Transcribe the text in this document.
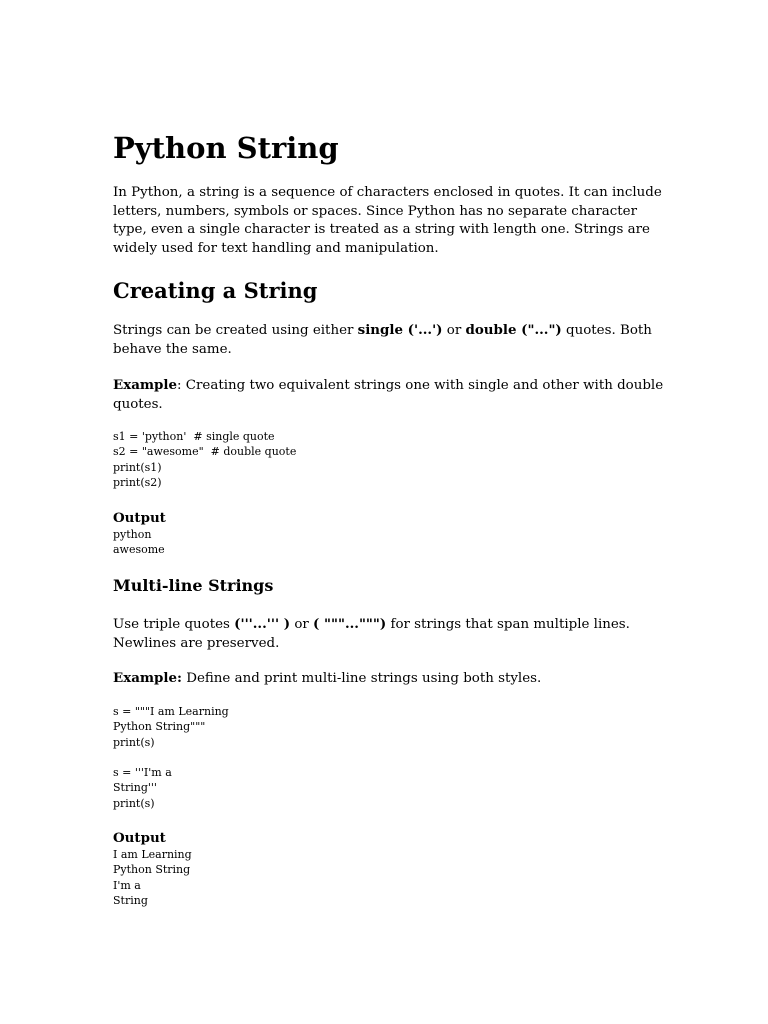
Python String

In Python, a string is a sequence of characters enclosed in quotes. It can include letters, numbers, symbols or spaces. Since Python has no separate character type, even a single character is treated as a string with length one. Strings are widely used for text handling and manipulation.

Creating a String

Strings can be created using either single ('...') or double ("...") quotes. Both behave the same.

Example: Creating two equivalent strings one with single and other with double quotes.

s1 = 'python'  # single quote
s2 = "awesome"  # double quote
print(s1)
print(s2)
Output
python
awesome
Multi-line Strings

Use triple quotes ('''...''' ) or ( """...""") for strings that span multiple lines. Newlines are preserved.

Example: Define and print multi-line strings using both styles.

s = """I am Learning
Python String"""
print(s)
s = '''I'm a
String'''
print(s)
Output
I am Learning
Python String
I'm a
String
